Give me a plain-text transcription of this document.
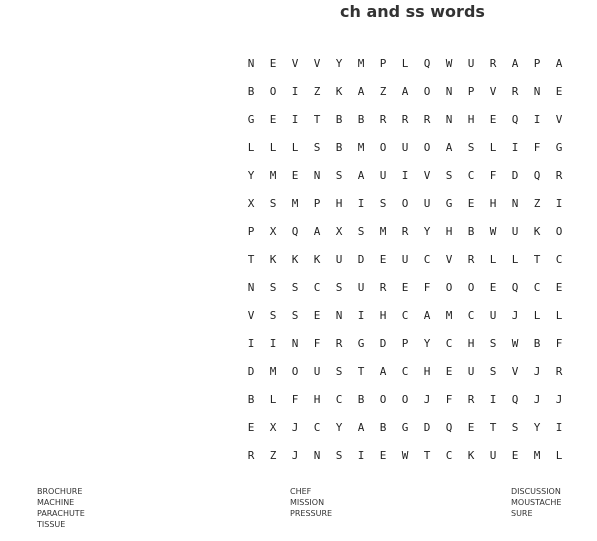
ch and ss words
N	E	V	V	Y	M	P	L	Q	W	U	R	A	P	A
B	O	I	Z	K	A	Z	A	O	N	P	V	R	N	E
G	E	I	T	B	B	R	R	R	N	H	E	Q	I	V
L	L	L	S	B	M	O	U	O	A	S	L	I	F	G
Y	M	E	N	S	A	U	I	V	S	C	F	D	Q	R
X	S	M	P	H	I	S	O	U	G	E	H	N	Z	I
P	X	Q	A	X	S	M	R	Y	H	B	W	U	K	O
T	K	K	K	U	D	E	U	C	V	R	L	L	T	C
N	S	S	C	S	U	R	E	F	O	O	E	Q	C	E
V	S	S	E	N	I	H	C	A	M	C	U	J	L	L
I	I	N	F	R	G	D	P	Y	C	H	S	W	B	F
D	M	O	U	S	T	A	C	H	E	U	S	V	J	R
B	L	F	H	C	B	O	O	J	F	R	I	Q	J	J
E	X	J	C	Y	A	B	G	D	Q	E	T	S	Y	I
R	Z	J	N	S	I	E	W	T	C	K	U	E	M	L
BROCHURE
MACHINE
PARACHUTE
TISSUE
CHEF
MISSION
PRESSURE
DISCUSSION
MOUSTACHE
SURE
